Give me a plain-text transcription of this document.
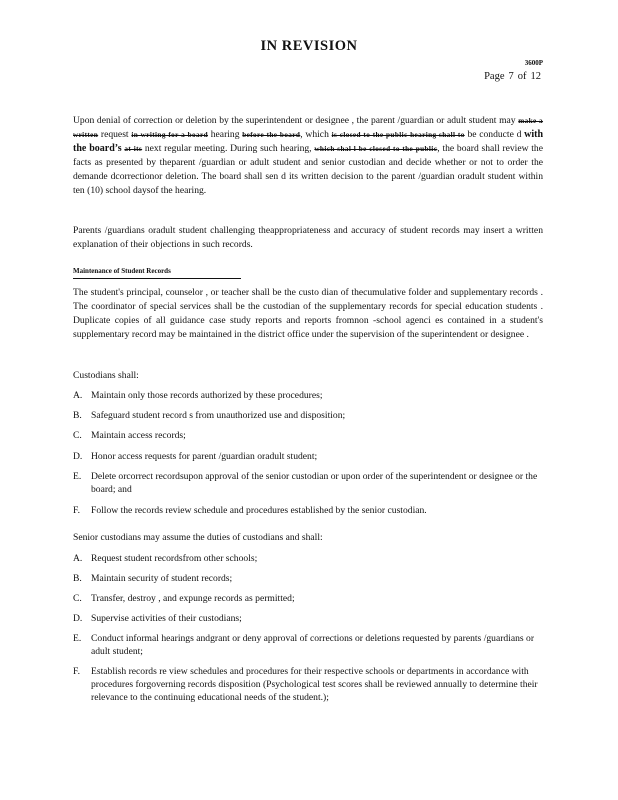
IN REVISION
3600P
Page 7 of 12

Upon denial of correction or deletion by the superintendent or designee , the parent /guardian or adult student may make a written request in writing for a board hearing before the board, which is closed to the public hearing shall to be conducte d with the board’s at its next regular meeting. During such hearing, which shal l be closed to the public, the board shall review the facts as presented by theparent /guardian or adult student and senior custodian and decide whether or not to order the demande dcorrectionor deletion. The board shall sen d its written decision to the parent /guardian oradult student within ten (10) school daysof the hearing.

Parents /guardians oradult student challenging theappropriateness and accuracy of student records may insert a written explanation of their objections in such records.
Maintenance of Student Records
The student's principal, counselor , or teacher shall be the custo dian of thecumulative folder and supplementary records . The coordinator of special services shall be the custodian of the supplementary records for special education students . Duplicate copies of all guidance case study reports and reports fromnon -school agenci es contained in a student's supplementary record may be maintained in the district office under the supervision of the superintendent or designee .
Custodians shall:
A. Maintain only those records authorized by these procedures;
B. Safeguard student record s from unauthorized use and disposition;
C. Maintain access records;
D. Honor access requests for parent /guardian oradult student;
E.	Delete orcorrect recordsupon approval of the senior custodian or upon order of the superintendent or designee or the board; and
F.	Follow the records review schedule and procedures established by the senior custodian.
Senior custodians may assume the duties of custodians and shall:
A. Request student recordsfrom other schools;
B. Maintain security of student records;
C. Transfer, destroy , and expunge records as permitted;
D. Supervise activities of their custodians;
E.	Conduct informal hearings andgrant or deny approval of corrections or deletions requested by parents /guardians or adult student;
F.	Establish records re view schedules and procedures for their respective schools or departments in accordance with procedures forgoverning records disposition (Psychological test scores shall be reviewed annually to determine their relevance to the continuing educational needs of the student.);
